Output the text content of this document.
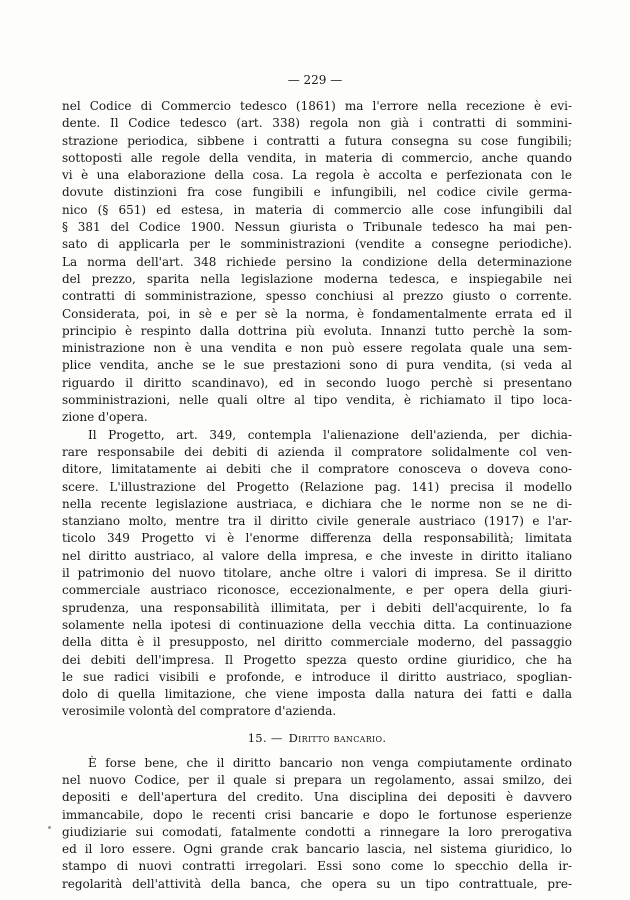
— 229 —
nel Codice di Commercio tedesco (1861) ma l'errore nella recezione è evi-
dente. Il Codice tedesco (art. 338) regola non già i contratti di sommini-
strazione periodica, sibbene i contratti a futura consegna su cose fungibili;
sottoposti alle regole della vendita, in materia di commercio, anche quando
vi è una elaborazione della cosa. La regola è accolta e perfezionata con le
dovute distinzioni fra cose fungibili e infungibili, nel codice civile germa-
nico (§ 651) ed estesa, in materia di commercio alle cose infungibili dal
§ 381 del Codice 1900. Nessun giurista o Tribunale tedesco ha mai pen-
sato di applicarla per le somministrazioni (vendite a consegne periodiche).
La norma dell'art. 348 richiede persino la condizione della determinazione
del prezzo, sparita nella legislazione moderna tedesca, e inspiegabile nei
contratti di somministrazione, spesso conchiusi al prezzo giusto o corrente.
Considerata, poi, in sè e per sè la norma, è fondamentalmente errata ed il
principio è respinto dalla dottrina più evoluta. Innanzi tutto perchè la som-
ministrazione non è una vendita e non può essere regolata quale una sem-
plice vendita, anche se le sue prestazioni sono di pura vendita, (si veda al
riguardo il diritto scandinavo), ed in secondo luogo perchè si presentano
somministrazioni, nelle quali oltre al tipo vendita, è richiamato il tipo loca-
zione d'opera.
Il Progetto, art. 349, contempla l'alienazione dell'azienda, per dichia-
rare responsabile dei debiti di azienda il compratore solidalmente col ven-
ditore, limitatamente ai debiti che il compratore conosceva o doveva cono-
scere. L'illustrazione del Progetto (Relazione pag. 141) precisa il modello
nella recente legislazione austriaca, e dichiara che le norme non se ne di-
stanziano molto, mentre tra il diritto civile generale austriaco (1917) e l'ar-
ticolo 349 Progetto vi è l'enorme differenza della responsabilità; limitata
nel diritto austriaco, al valore della impresa, e che investe in diritto italiano
il patrimonio del nuovo titolare, anche oltre i valori di impresa. Se il diritto
commerciale austriaco riconosce, eccezionalmente, e per opera della giuri-
sprudenza, una responsabilità illimitata, per i debiti dell'acquirente, lo fa
solamente nella ipotesi di continuazione della vecchia ditta. La continuazione
della ditta è il presupposto, nel diritto commerciale moderno, del passaggio
dei debiti dell'impresa. Il Progetto spezza questo ordine giuridico, che ha
le sue radici visibili e profonde, e introduce il diritto austriaco, spoglian-
dolo di quella limitazione, che viene imposta dalla natura dei fatti e dalla
verosimile volontà del compratore d'azienda.
15. — Diritto bancario.
È forse bene, che il diritto bancario non venga compiutamente ordinato
nel nuovo Codice, per il quale si prepara un regolamento, assai smilzo, dei
depositi e dell'apertura del credito. Una disciplina dei depositi è davvero
immancabile, dopo le recenti crisi bancarie e dopo le fortunose esperienze
giudiziarie sui comodati, fatalmente condotti a rinnegare la loro prerogativa
ed il loro essere. Ogni grande crak bancario lascia, nel sistema giuridico, lo
stampo di nuovi contratti irregolari. Essi sono come lo specchio della ir-
regolarità dell'attività della banca, che opera su un tipo contrattuale, pre-
